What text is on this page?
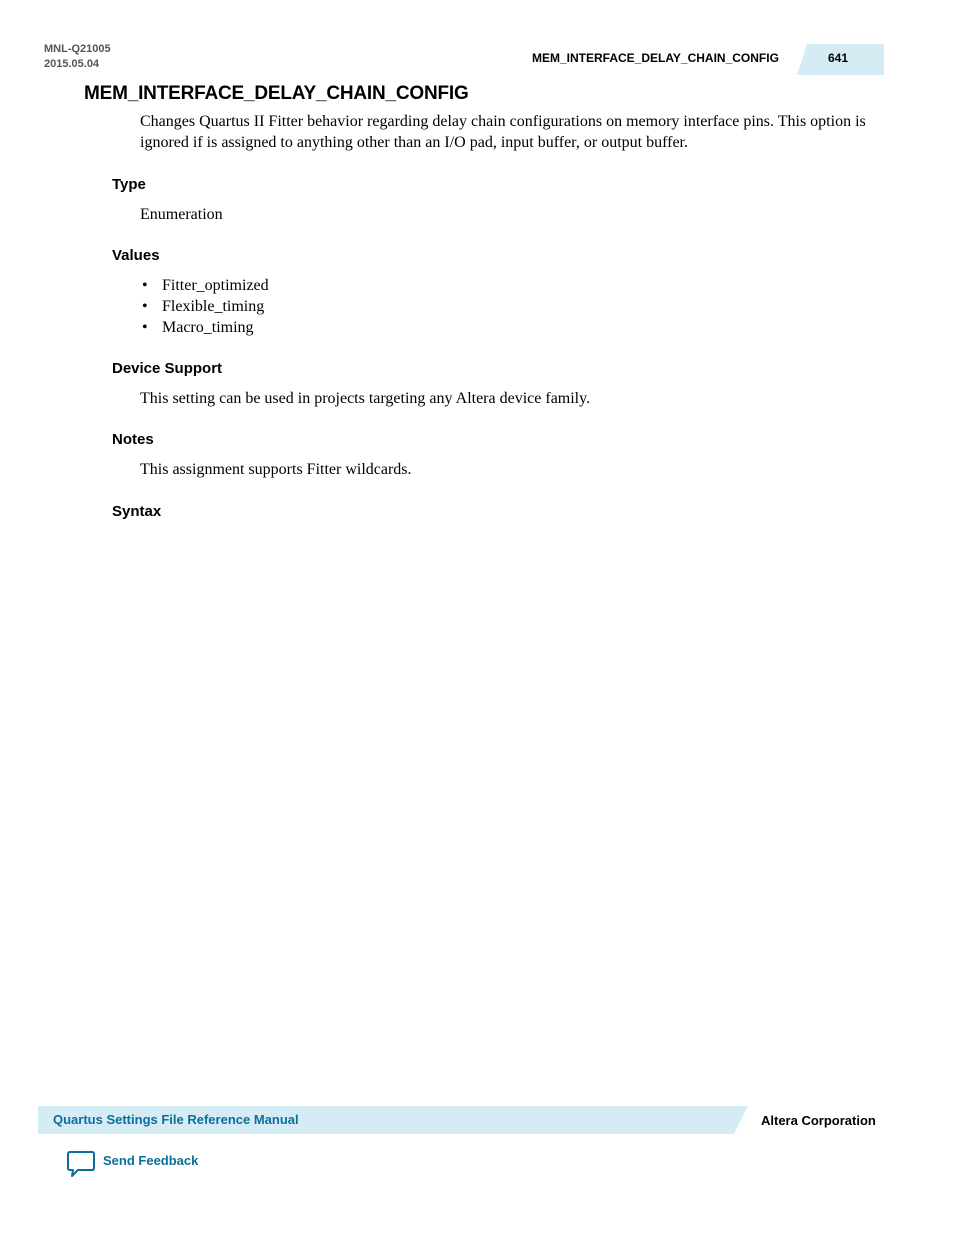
MNL-Q21005
2015.05.04	MEM_INTERFACE_DELAY_CHAIN_CONFIG	641
MEM_INTERFACE_DELAY_CHAIN_CONFIG
Changes Quartus II Fitter behavior regarding delay chain configurations on memory interface pins. This option is ignored if is assigned to anything other than an I/O pad, input buffer, or output buffer.
Type
Enumeration
Values
• Fitter_optimized
• Flexible_timing
• Macro_timing
Device Support
This setting can be used in projects targeting any Altera device family.
Notes
This assignment supports Fitter wildcards.
Syntax
Quartus Settings File Reference Manual	Altera Corporation
Send Feedback
